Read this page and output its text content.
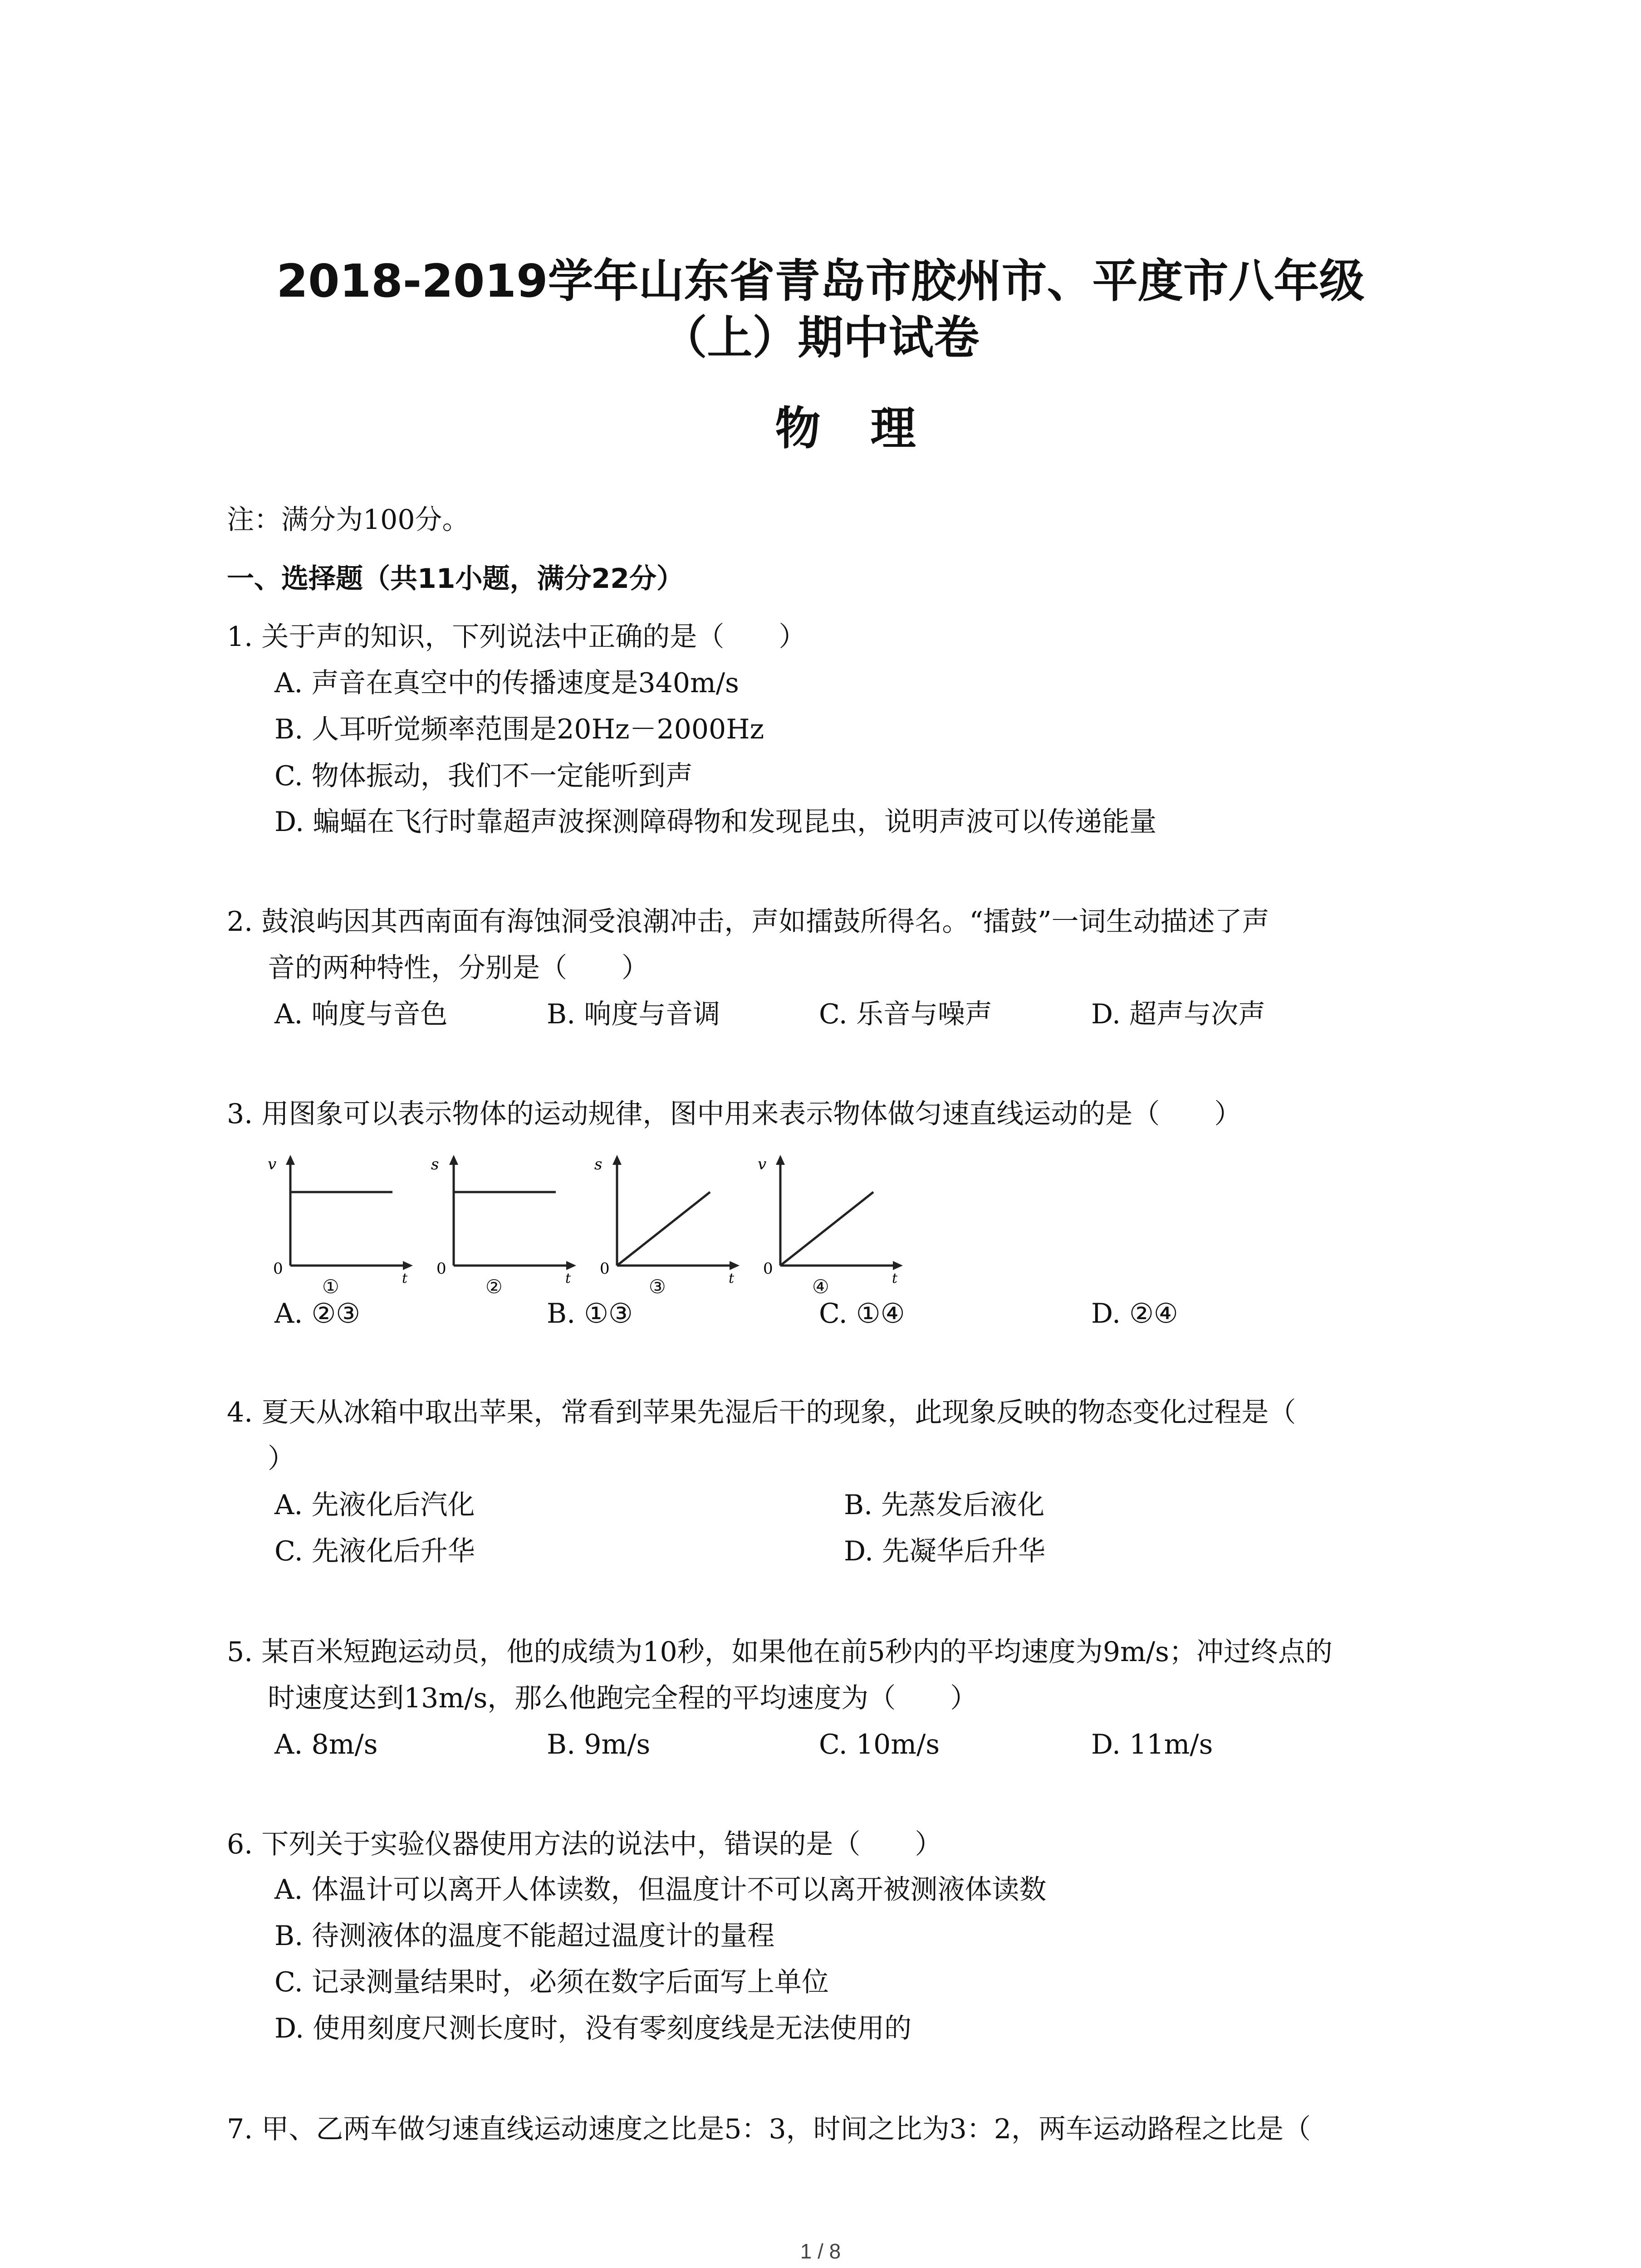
2018-2019学年山东省青岛市胶州市、平度市八年级
（上）期中试卷
物理
注：满分为100分。
一、选择题（共11小题，满分22分）
1. 关于声的知识，下列说法中正确的是（　　）
A. 声音在真空中的传播速度是340m/s
B. 人耳听觉频率范围是20Hz－2000Hz
C. 物体振动，我们不一定能听到声
D. 蝙蝠在飞行时靠超声波探测障碍物和发现昆虫，说明声波可以传递能量
2. 鼓浪屿因其西南面有海蚀洞受浪潮冲击，声如擂鼓所得名。“擂鼓”一词生动描述了声
音的两种特性，分别是（　　）
A. 响度与音色	B. 响度与音调	C. 乐音与噪声	D. 超声与次声
3. 用图象可以表示物体的运动规律，图中用来表示物体做匀速直线运动的是（　　）
v
0
t
①
s
0
t
②
s
0
t
③
v
0
t
④
A. ②③	B. ①③	C. ①④	D. ②④
4. 夏天从冰箱中取出苹果，常看到苹果先湿后干的现象，此现象反映的物态变化过程是（
）
A. 先液化后汽化	B. 先蒸发后液化
C. 先液化后升华	D. 先凝华后升华
5. 某百米短跑运动员，他的成绩为10秒，如果他在前5秒内的平均速度为9m/s；冲过终点的
时速度达到13m/s，那么他跑完全程的平均速度为（　　）
A. 8m/s	B. 9m/s	C. 10m/s	D. 11m/s
6. 下列关于实验仪器使用方法的说法中，错误的是（　　）
A. 体温计可以离开人体读数，但温度计不可以离开被测液体读数
B. 待测液体的温度不能超过温度计的量程
C. 记录测量结果时，必须在数字后面写上单位
D. 使用刻度尺测长度时，没有零刻度线是无法使用的
7. 甲、乙两车做匀速直线运动速度之比是5：3，时间之比为3：2，两车运动路程之比是（
1 / 8
